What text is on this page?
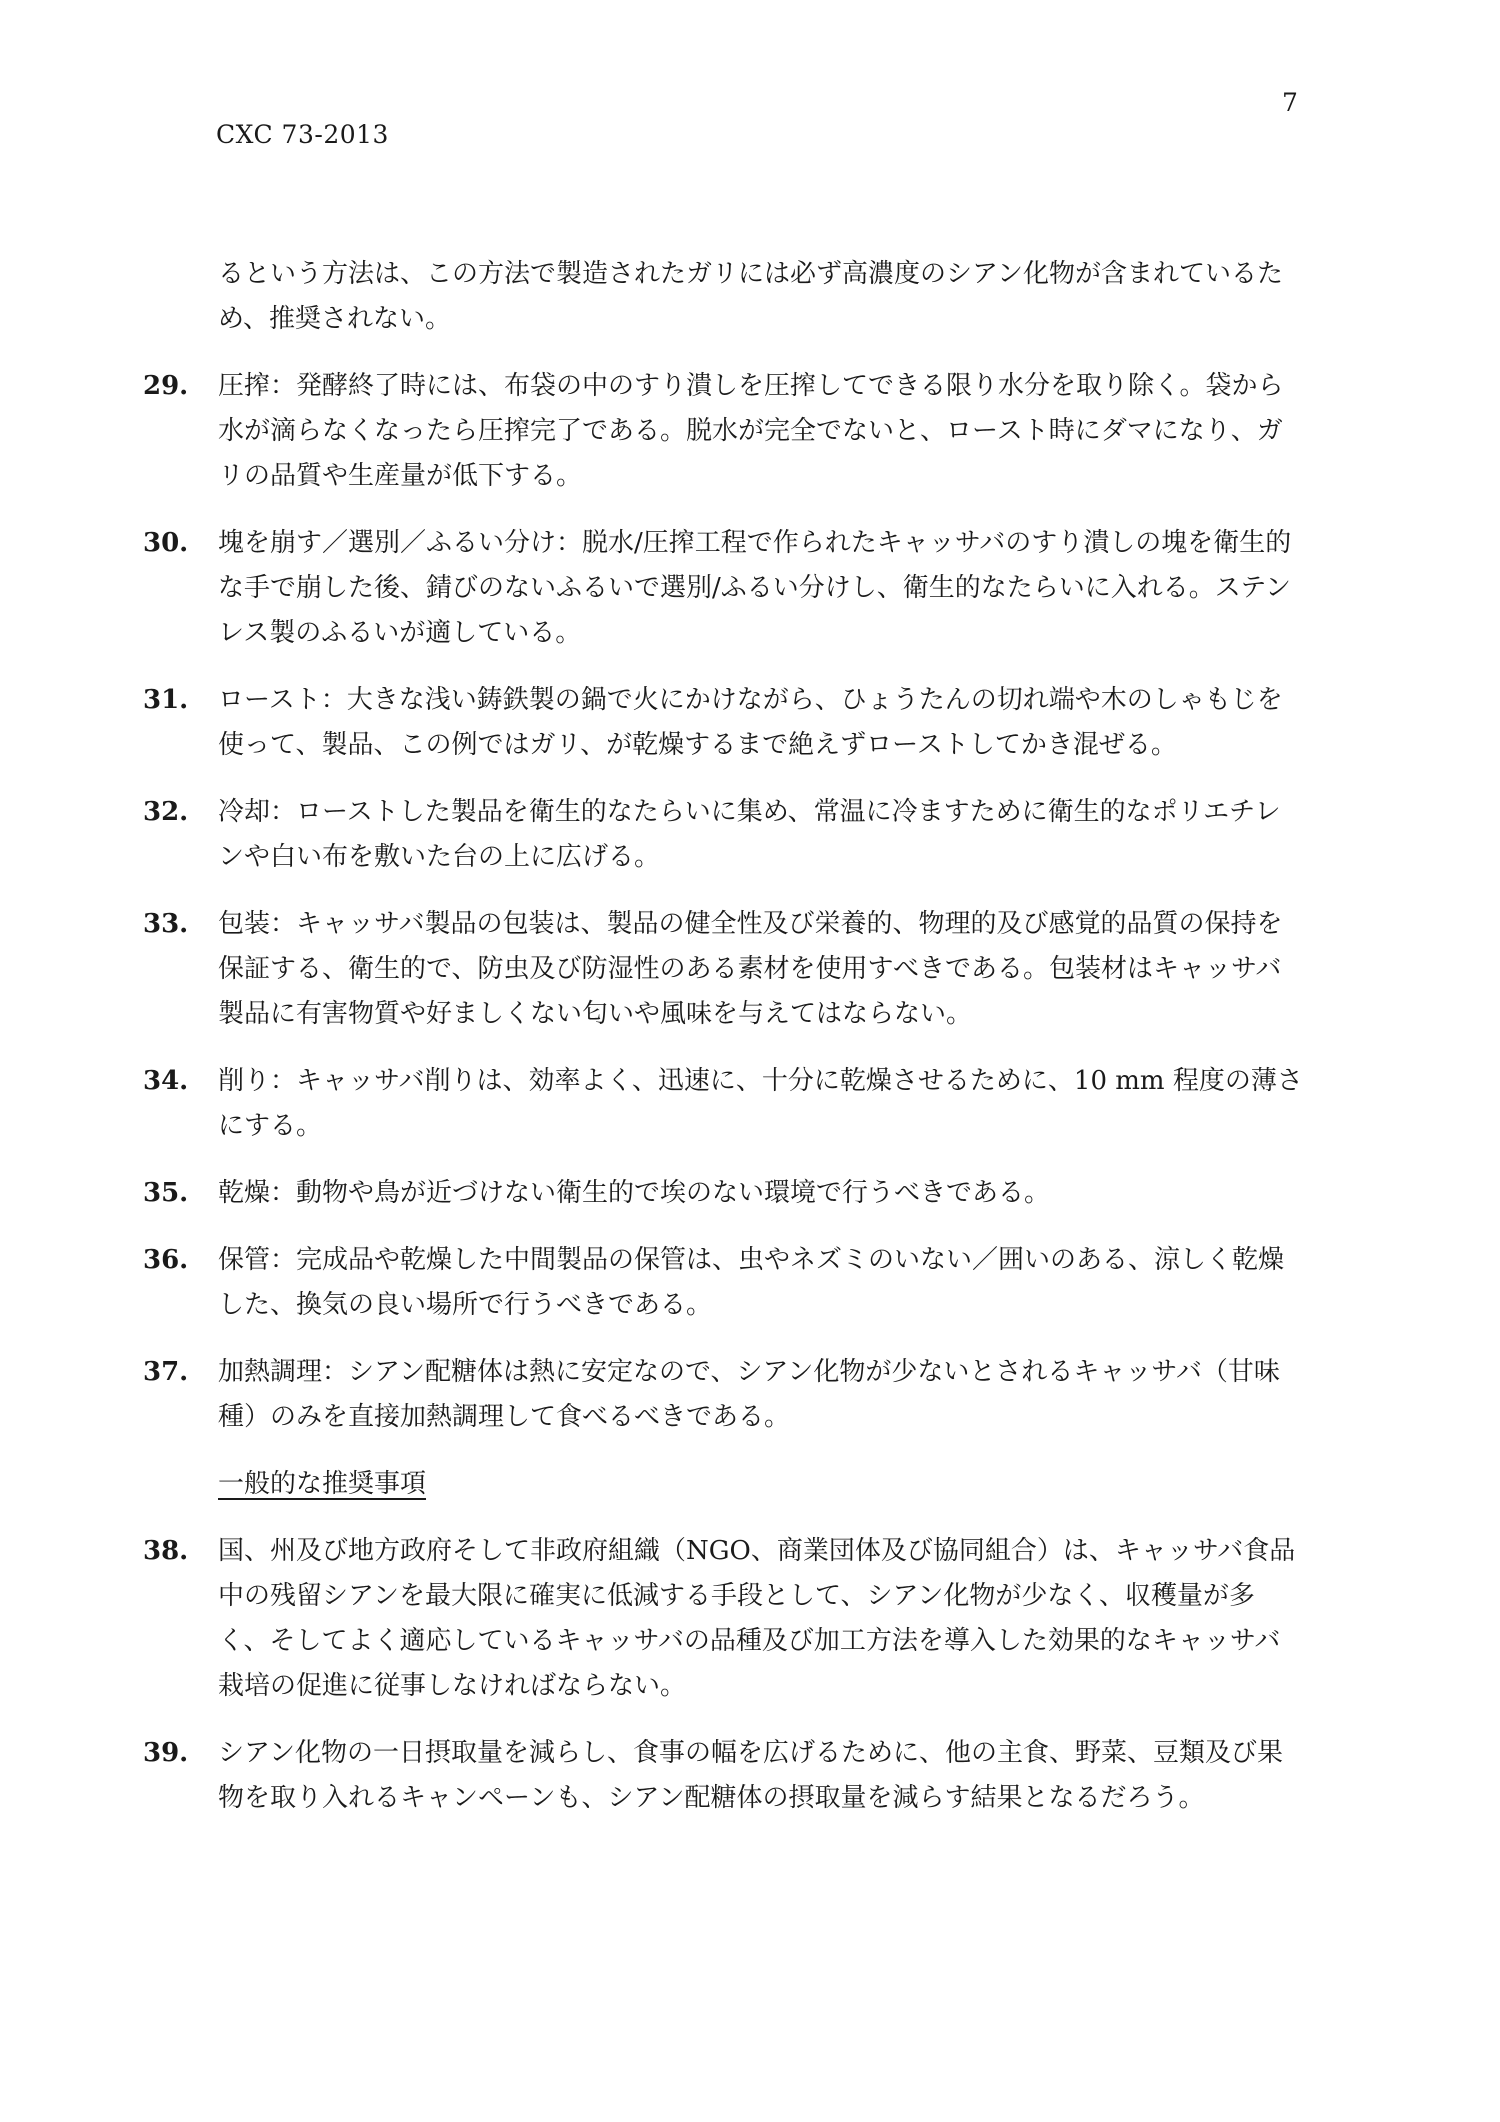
7
CXC 73-2013
るという方法は、この方法で製造されたガリには必ず高濃度のシアン化物が含まれているため、推奨されない。
29. 圧搾：発酵終了時には、布袋の中のすり潰しを圧搾してできる限り水分を取り除く。袋から水が滴らなくなったら圧搾完了である。脱水が完全でないと、ロースト時にダマになり、ガリの品質や生産量が低下する。
30. 塊を崩す／選別／ふるい分け：脱水/圧搾工程で作られたキャッサバのすり潰しの塊を衛生的な手で崩した後、錆びのないふるいで選別/ふるい分けし、衛生的なたらいに入れる。ステンレス製のふるいが適している。
31. ロースト：大きな浅い鋳鉄製の鍋で火にかけながら、ひょうたんの切れ端や木のしゃもじを使って、製品、この例ではガリ、が乾燥するまで絶えずローストしてかき混ぜる。
32. 冷却：ローストした製品を衛生的なたらいに集め、常温に冷ますために衛生的なポリエチレンや白い布を敷いた台の上に広げる。
33. 包装：キャッサバ製品の包装は、製品の健全性及び栄養的、物理的及び感覚的品質の保持を保証する、衛生的で、防虫及び防湿性のある素材を使用すべきである。包装材はキャッサバ製品に有害物質や好ましくない匂いや風味を与えてはならない。
34. 削り：キャッサバ削りは、効率よく、迅速に、十分に乾燥させるために、10 mm 程度の薄さにする。
35. 乾燥：動物や鳥が近づけない衛生的で埃のない環境で行うべきである。
36. 保管：完成品や乾燥した中間製品の保管は、虫やネズミのいない／囲いのある、涼しく乾燥した、換気の良い場所で行うべきである。
37. 加熱調理：シアン配糖体は熱に安定なので、シアン化物が少ないとされるキャッサバ（甘味種）のみを直接加熱調理して食べるべきである。
一般的な推奨事項
38. 国、州及び地方政府そして非政府組織（NGO、商業団体及び協同組合）は、キャッサバ食品中の残留シアンを最大限に確実に低減する手段として、シアン化物が少なく、収穫量が多く、そしてよく適応しているキャッサバの品種及び加工方法を導入した効果的なキャッサバ栽培の促進に従事しなければならない。
39. シアン化物の一日摂取量を減らし、食事の幅を広げるために、他の主食、野菜、豆類及び果物を取り入れるキャンペーンも、シアン配糖体の摂取量を減らす結果となるだろう。
